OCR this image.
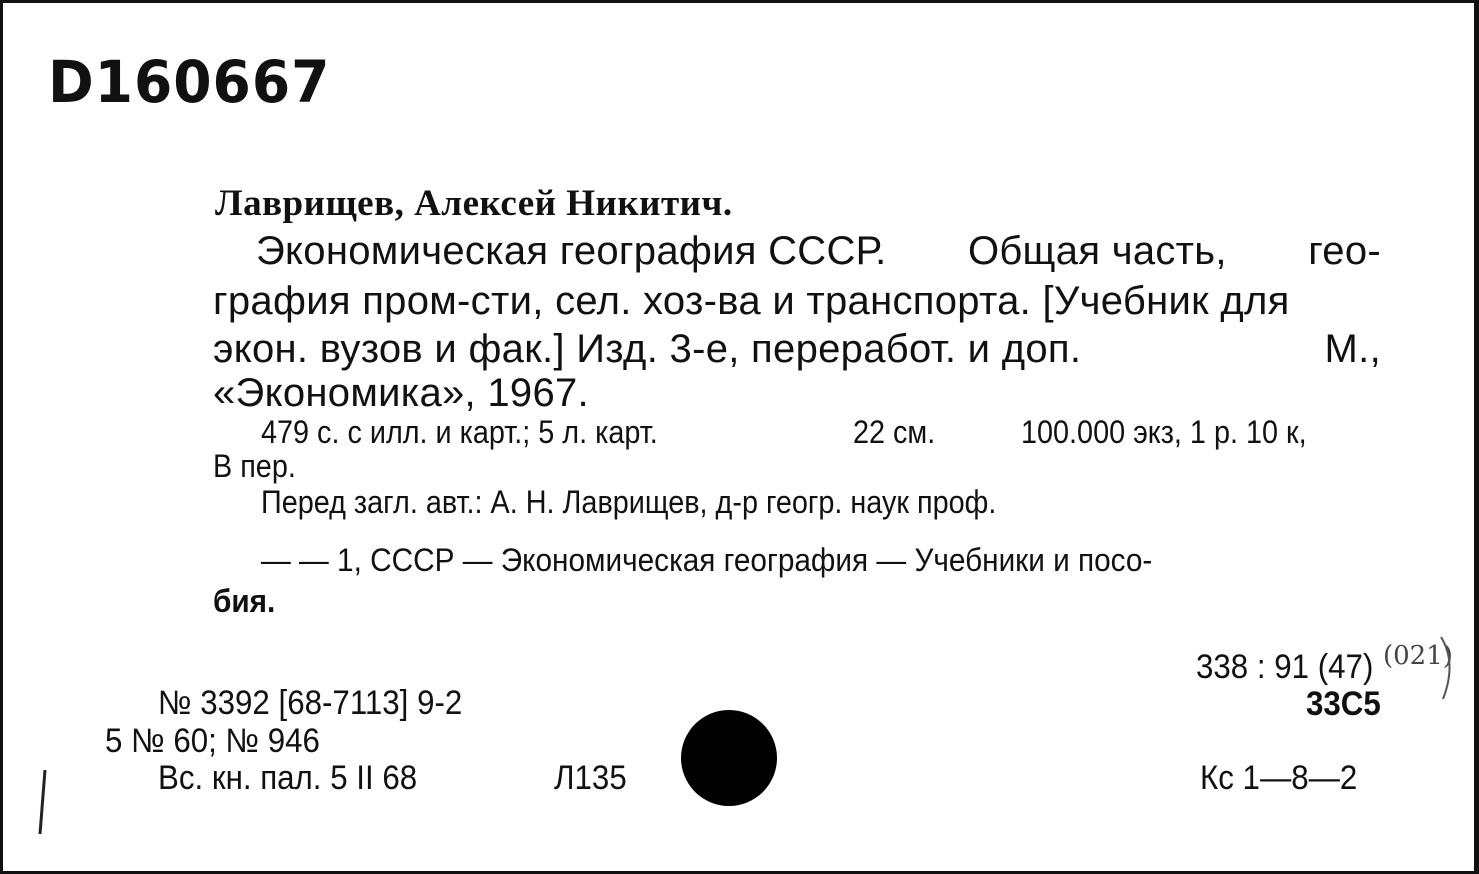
D160667
Лаврищев, Алексей Никитич.
Экономическая география СССР. Общая часть, гео-
графия пром-сти, сел. хоз-ва и транспорта. [Учебник для
экон. вузов и фак.] Изд. 3-е, переработ. и доп.	М.,
«Экономика», 1967.
479 с. с илл. и карт.; 5 л. карт.	22 см.	100.000 экз, 1 р. 10 к,
В пер.
Перед загл. авт.: А. Н. Лаврищев, д-р геогр. наук проф.
— — 1, СССР — Экономическая география — Учебники и посо-
бия.
338 : 91 (47) (021)
33С5
Кс 1—8—2
№ 3392 [68-7113] 9-2
5 № 60; № 946
Вс. кн. пал. 5 II 68	Л135
